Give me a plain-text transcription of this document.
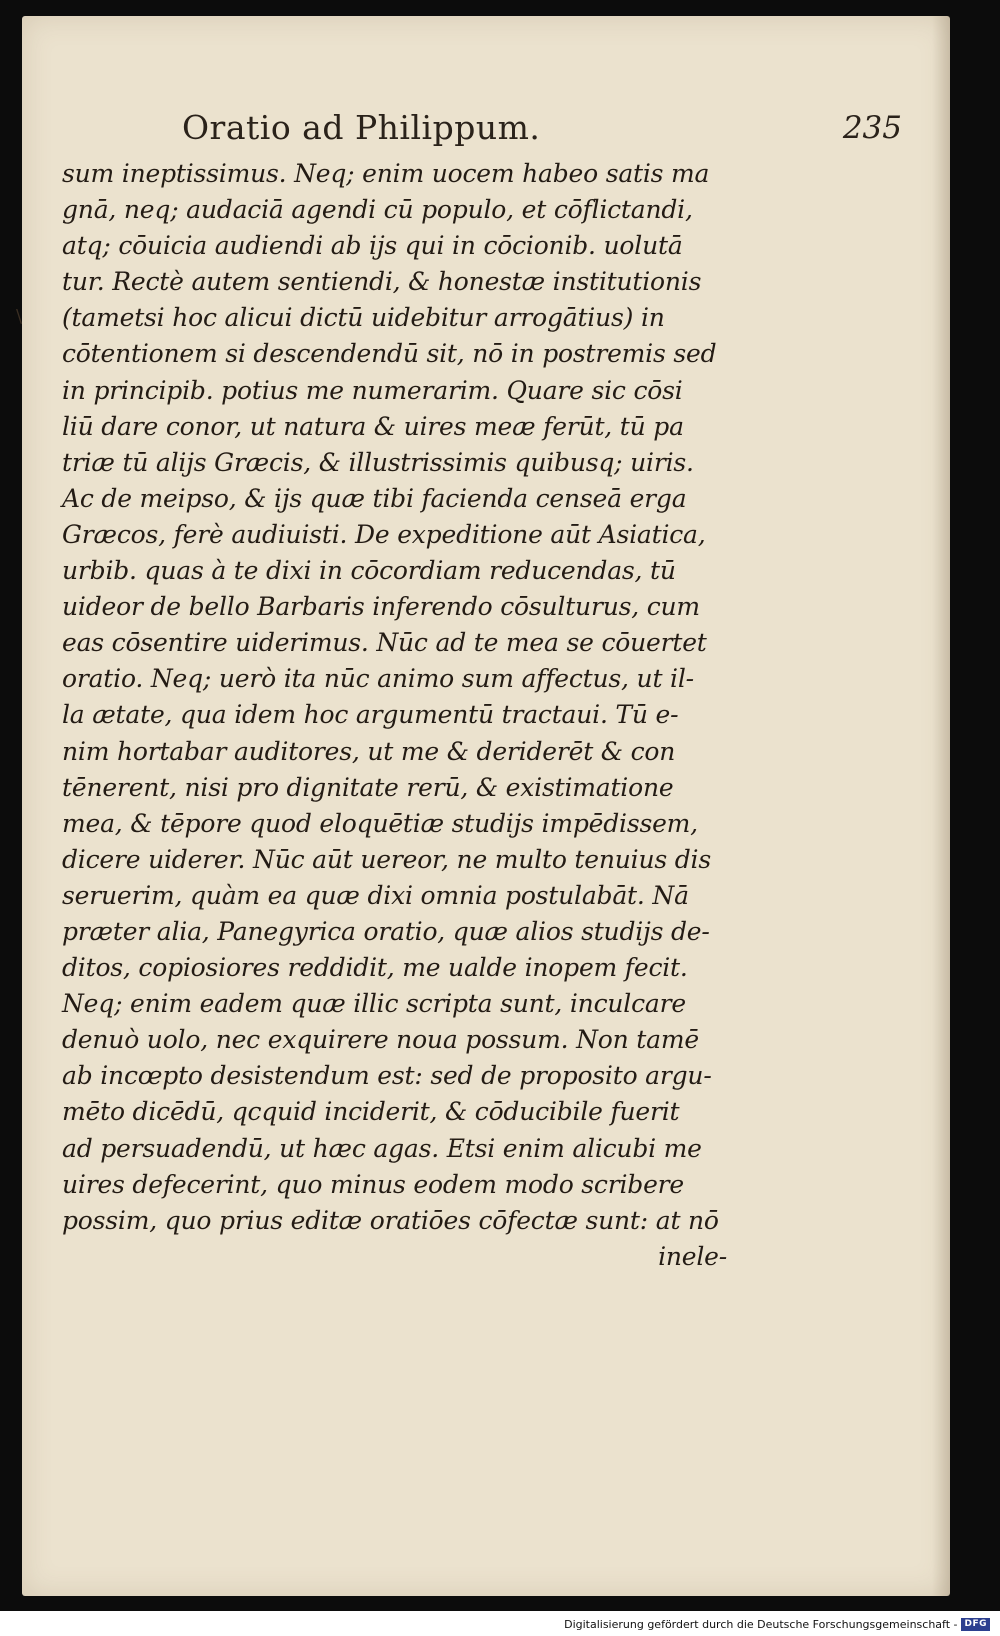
Oratio ad Philippum.	235
\
sum ineptissimus. Neq; enim uocem habeo satis ma
gnā, neq; audaciā agendi cū populo, et cōflictandi,
atq; cōuicia audiendi ab ijs qui in cōcionib. uolutā
tur. Rectè autem sentiendi, & honestæ institutionis
(tametsi hoc alicui dictū uidebitur arrogātius) in
cōtentionem si descendendū sit, nō in postremis sed
in principib. potius me numerarim. Quare sic cōsi
liū dare conor, ut natura & uires meæ ferūt, tū pa
triæ tū alijs Græcis, & illustrissimis quibusq; uiris.
Ac de meipso, & ijs quæ tibi facienda censeā erga
Græcos, ferè audiuisti. De expeditione aūt Asiatica,
urbib. quas à te dixi in cōcordiam reducendas, tū
uideor de bello Barbaris inferendo cōsulturus, cum
eas cōsentire uiderimus. Nūc ad te mea se cōuertet
oratio. Neq; uerò ita nūc animo sum affectus, ut il-
la ætate, qua idem hoc argumentū tractaui. Tū e-
nim hortabar auditores, ut me & deriderēt & con
tēnerent, nisi pro dignitate rerū, & existimatione
mea, & tēpore quod eloquētiæ studijs impēdissem,
dicere uiderer. Nūc aūt uereor, ne multo tenuius dis
seruerim, quàm ea quæ dixi omnia postulabāt. Nā
præter alia, Panegyrica oratio, quæ alios studijs de-
ditos, copiosiores reddidit, me ualde inopem fecit.
Neq; enim eadem quæ illic scripta sunt, inculcare
denuò uolo, nec exquirere noua possum. Non tamē
ab incœpto desistendum est: sed de proposito argu-
mēto dicēdū, qcquid inciderit, & cōducibile fuerit
ad persuadendū, ut hæc agas. Etsi enim alicubi me
uires defecerint, quo minus eodem modo scribere
possim, quo prius editæ oratiōes cōfectæ sunt: at nō
inele-
Digitalisierung gefördert durch die Deutsche Forschungsgemeinschaft - DFG
